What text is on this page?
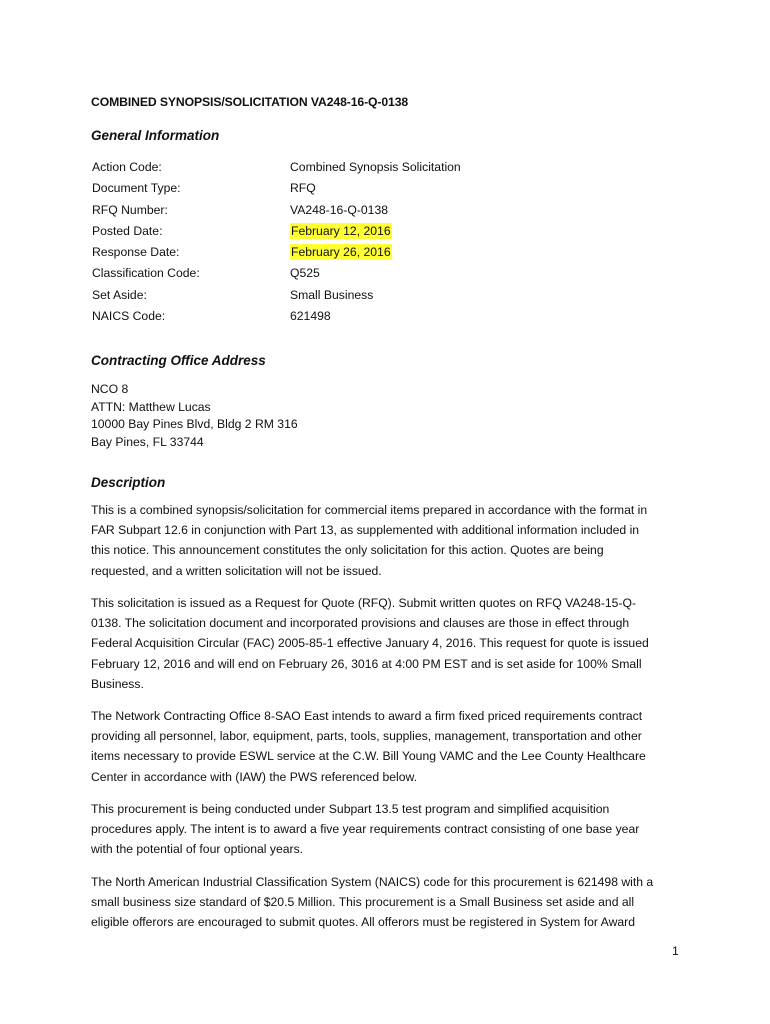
COMBINED SYNOPSIS/SOLICITATION VA248-16-Q-0138
General Information
Action Code:	Combined Synopsis Solicitation
Document Type:	RFQ
RFQ Number:	VA248-16-Q-0138
Posted Date:	February 12, 2016
Response Date:	February 26, 2016
Classification Code:	Q525
Set Aside:	Small Business
NAICS Code:	621498
Contracting Office Address
NCO 8
ATTN: Matthew Lucas
10000 Bay Pines Blvd, Bldg 2 RM 316
Bay Pines, FL 33744
Description
This is a combined synopsis/solicitation for commercial items prepared in accordance with the format in
FAR Subpart 12.6 in conjunction with Part 13, as supplemented with additional information included in
this notice. This announcement constitutes the only solicitation for this action. Quotes are being
requested, and a written solicitation will not be issued.
This solicitation is issued as a Request for Quote (RFQ). Submit written quotes on RFQ VA248-15-Q-
0138. The solicitation document and incorporated provisions and clauses are those in effect through
Federal Acquisition Circular (FAC) 2005-85-1 effective January 4, 2016. This request for quote is issued
February 12, 2016 and will end on February 26, 3016 at 4:00 PM EST and is set aside for 100% Small
Business.
The Network Contracting Office 8-SAO East intends to award a firm fixed priced requirements contract
providing all personnel, labor, equipment, parts, tools, supplies, management, transportation and other
items necessary to provide ESWL service at the C.W. Bill Young VAMC and the Lee County Healthcare
Center in accordance with (IAW) the PWS referenced below.
This procurement is being conducted under Subpart 13.5 test program and simplified acquisition
procedures apply. The intent is to award a five year requirements contract consisting of one base year
with the potential of four optional years.
The North American Industrial Classification System (NAICS) code for this procurement is 621498 with a
small business size standard of $20.5 Million. This procurement is a Small Business set aside and all
eligible offerors are encouraged to submit quotes. All offerors must be registered in System for Award
1
